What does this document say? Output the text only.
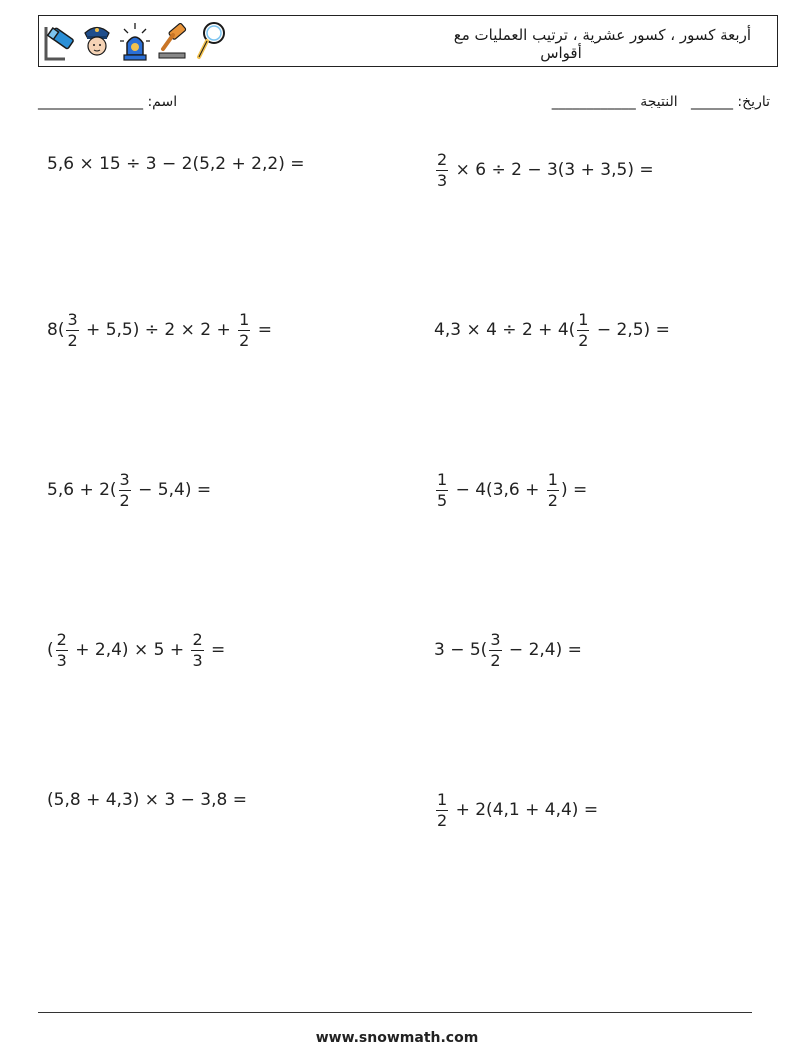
أربعة كسور ، كسور عشرية ، ترتيب العمليات مع
أقواس
اسم: _______________	تاريخ: ______   النتيجة ____________
5,6 × 15 ÷ 3 − 2(5,2 + 2,2) =	$\frac{2}{3} \times 6 \div 2 - 3(3 + 3,5)$ =
$8( \frac{3}{2} + 5,5) \div 2 \times 2 + \frac{1}{2}$ =	$4,3 \times 4 \div 2 + 4( \frac{1}{2} - 2,5)$ =
$5,6 + 2( \frac{3}{2} - 5,4)$ =	$\frac{1}{5} - 4(3,6 + \frac{1}{2}$ ) =
( $\frac{2}{3} + 2,4) \times 5 + \frac{2}{3}$ =	$3 - 5( \frac{3}{2} - 2,4)$ =
(5,8 + 4,3) × 3 − 3,8 =	$\frac{1}{2} + 2(4,1 + 4,4)$ =
www.snowmath.com
